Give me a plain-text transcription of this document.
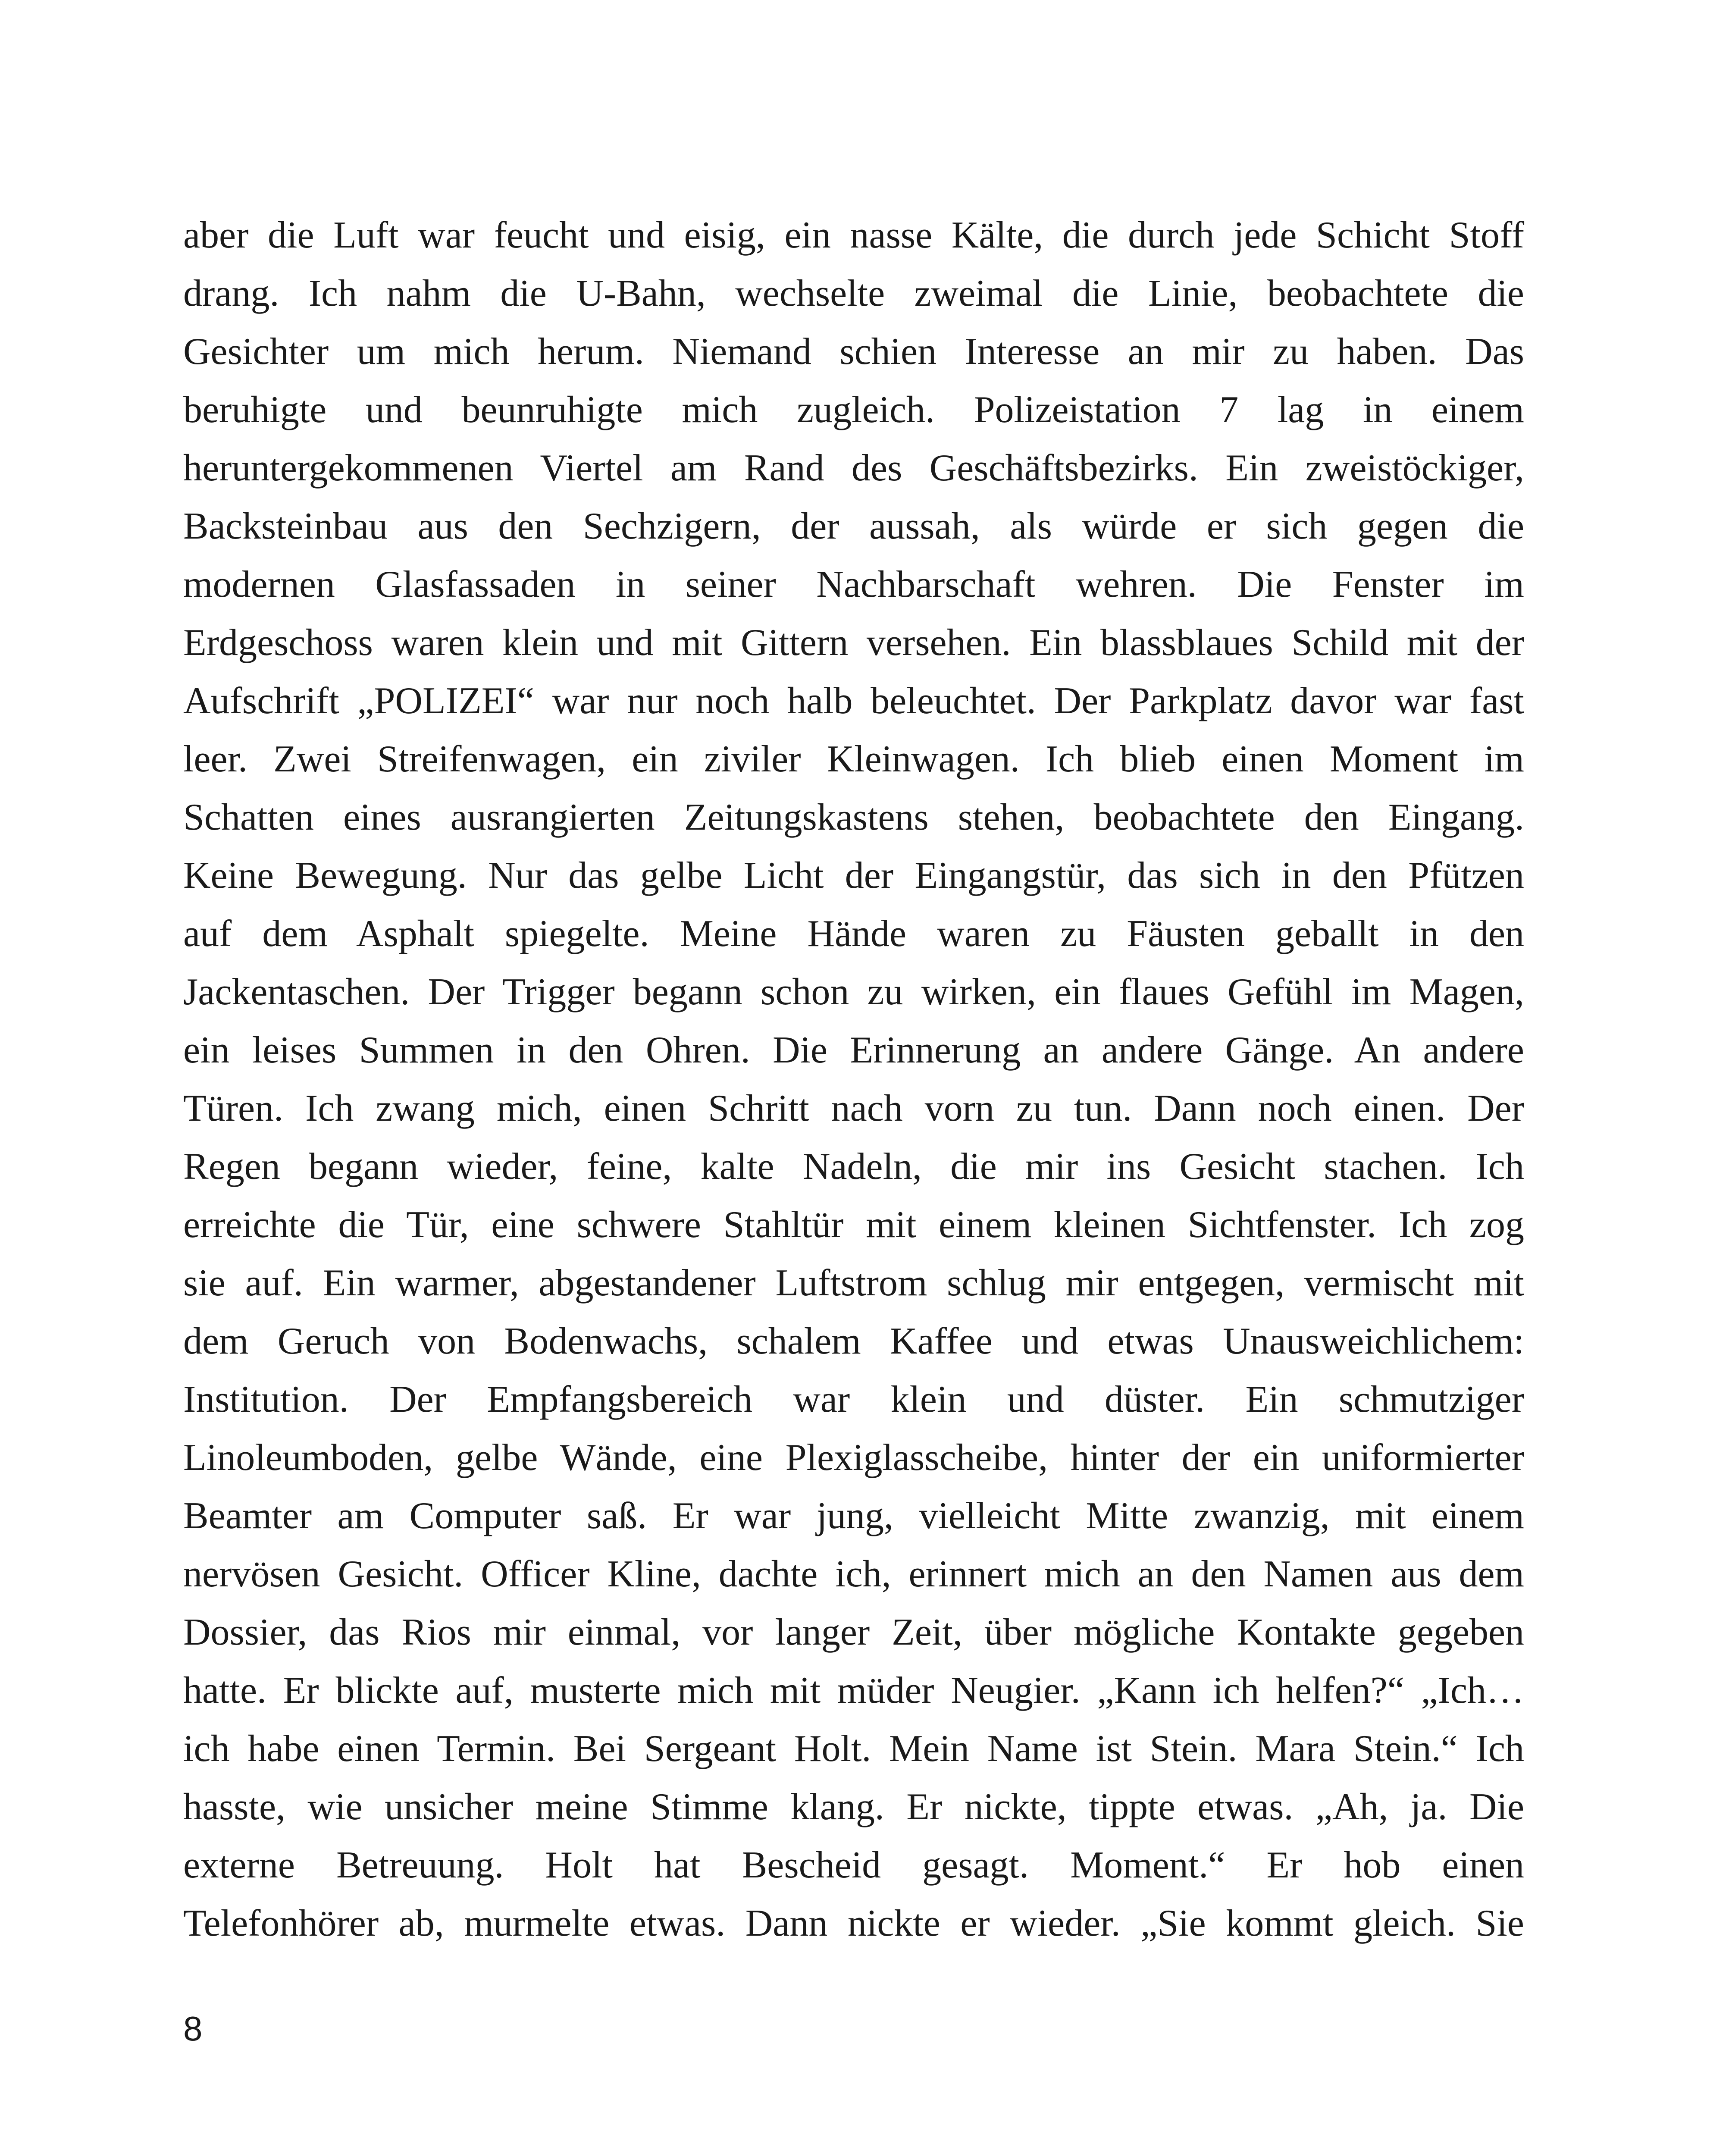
aber die Luft war feucht und eisig, ein nasse Kälte, die durch jede Schicht Stoff
drang. Ich nahm die U-Bahn, wechselte zweimal die Linie, beobachtete die
Gesichter um mich herum. Niemand schien Interesse an mir zu haben. Das
beruhigte und beunruhigte mich zugleich. Polizeistation 7 lag in einem
heruntergekommenen Viertel am Rand des Geschäftsbezirks. Ein zweistöckiger,
Backsteinbau aus den Sechzigern, der aussah, als würde er sich gegen die
modernen Glasfassaden in seiner Nachbarschaft wehren. Die Fenster im
Erdgeschoss waren klein und mit Gittern versehen. Ein blassblaues Schild mit der
Aufschrift „POLIZEI“ war nur noch halb beleuchtet. Der Parkplatz davor war fast
leer. Zwei Streifenwagen, ein ziviler Kleinwagen. Ich blieb einen Moment im
Schatten eines ausrangierten Zeitungskastens stehen, beobachtete den Eingang.
Keine Bewegung. Nur das gelbe Licht der Eingangstür, das sich in den Pfützen
auf dem Asphalt spiegelte. Meine Hände waren zu Fäusten geballt in den
Jackentaschen. Der Trigger begann schon zu wirken, ein flaues Gefühl im Magen,
ein leises Summen in den Ohren. Die Erinnerung an andere Gänge. An andere
Türen. Ich zwang mich, einen Schritt nach vorn zu tun. Dann noch einen. Der
Regen begann wieder, feine, kalte Nadeln, die mir ins Gesicht stachen. Ich
erreichte die Tür, eine schwere Stahltür mit einem kleinen Sichtfenster. Ich zog
sie auf. Ein warmer, abgestandener Luftstrom schlug mir entgegen, vermischt mit
dem Geruch von Bodenwachs, schalem Kaffee und etwas Unausweichlichem:
Institution. Der Empfangsbereich war klein und düster. Ein schmutziger
Linoleumboden, gelbe Wände, eine Plexiglasscheibe, hinter der ein uniformierter
Beamter am Computer saß. Er war jung, vielleicht Mitte zwanzig, mit einem
nervösen Gesicht. Officer Kline, dachte ich, erinnert mich an den Namen aus dem
Dossier, das Rios mir einmal, vor langer Zeit, über mögliche Kontakte gegeben
hatte. Er blickte auf, musterte mich mit müder Neugier. „Kann ich helfen?“ „Ich…
ich habe einen Termin. Bei Sergeant Holt. Mein Name ist Stein. Mara Stein.“ Ich
hasste, wie unsicher meine Stimme klang. Er nickte, tippte etwas. „Ah, ja. Die
externe Betreuung. Holt hat Bescheid gesagt. Moment.“ Er hob einen
Telefonhörer ab, murmelte etwas. Dann nickte er wieder. „Sie kommt gleich. Sie

8
